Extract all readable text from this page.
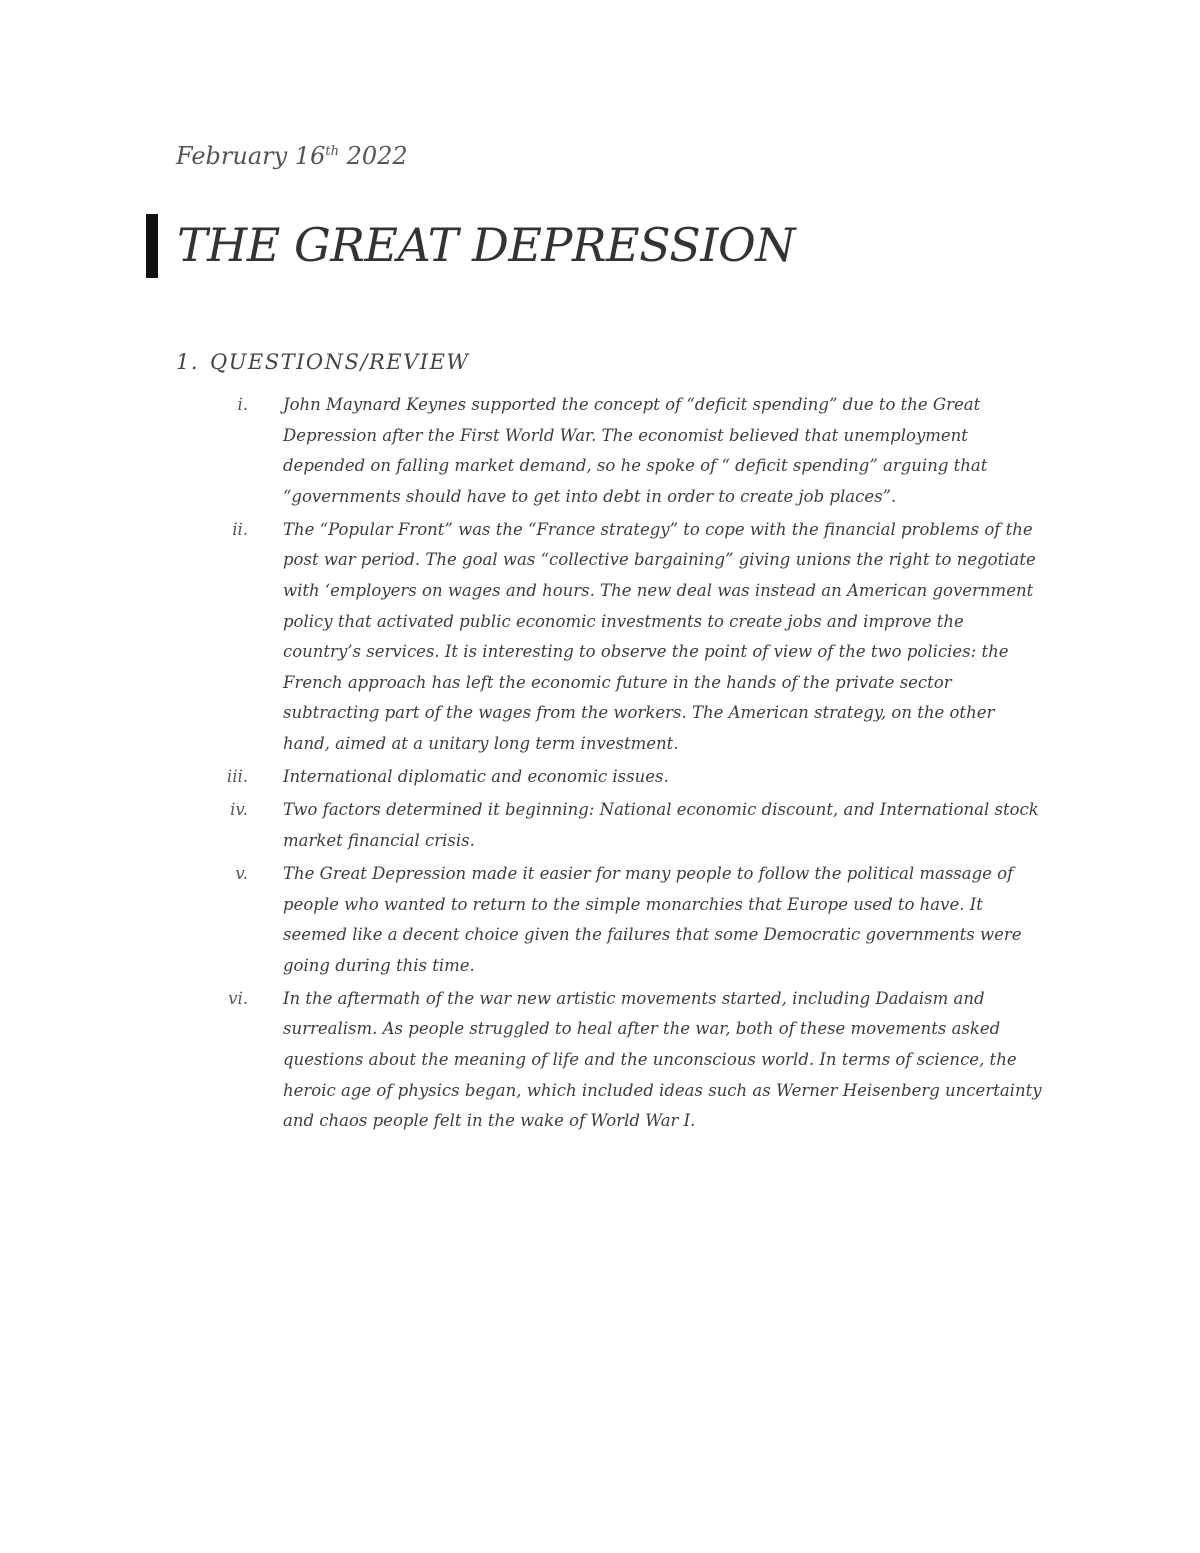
February 16th 2022
THE GREAT DEPRESSION
1. QUESTIONS/REVIEW
i. John Maynard Keynes supported the concept of “deficit spending” due to the Great Depression after the First World War. The economist believed that unemployment depended on falling market demand, so he spoke of “ deficit spending” arguing that “governments should have to get into debt in order to create job places”.
ii. The “Popular Front” was the “France strategy” to cope with the financial problems of the post war period. The goal was “collective bargaining” giving unions the right to negotiate with ‘employers on wages and hours. The new deal was instead an American government policy that activated public economic investments to create jobs and improve the country’s services. It is interesting to observe the point of view of the two policies: the French approach has left the economic future in the hands of the private sector subtracting part of the wages from the workers. The American strategy, on the other hand, aimed at a unitary long term investment.
iii. International diplomatic and economic issues.
iv. Two factors determined it beginning: National economic discount, and International stock market financial crisis.
v. The Great Depression made it easier for many people to follow the political massage of people who wanted to return to the simple monarchies that Europe used to have. It seemed like a decent choice given the failures that some Democratic governments were going during this time.
vi. In the aftermath of the war new artistic movements started, including Dadaism and surrealism. As people struggled to heal after the war, both of these movements asked questions about the meaning of life and the unconscious world. In terms of science, the heroic age of physics began, which included ideas such as Werner Heisenberg uncertainty and chaos people felt in the wake of World War I.
